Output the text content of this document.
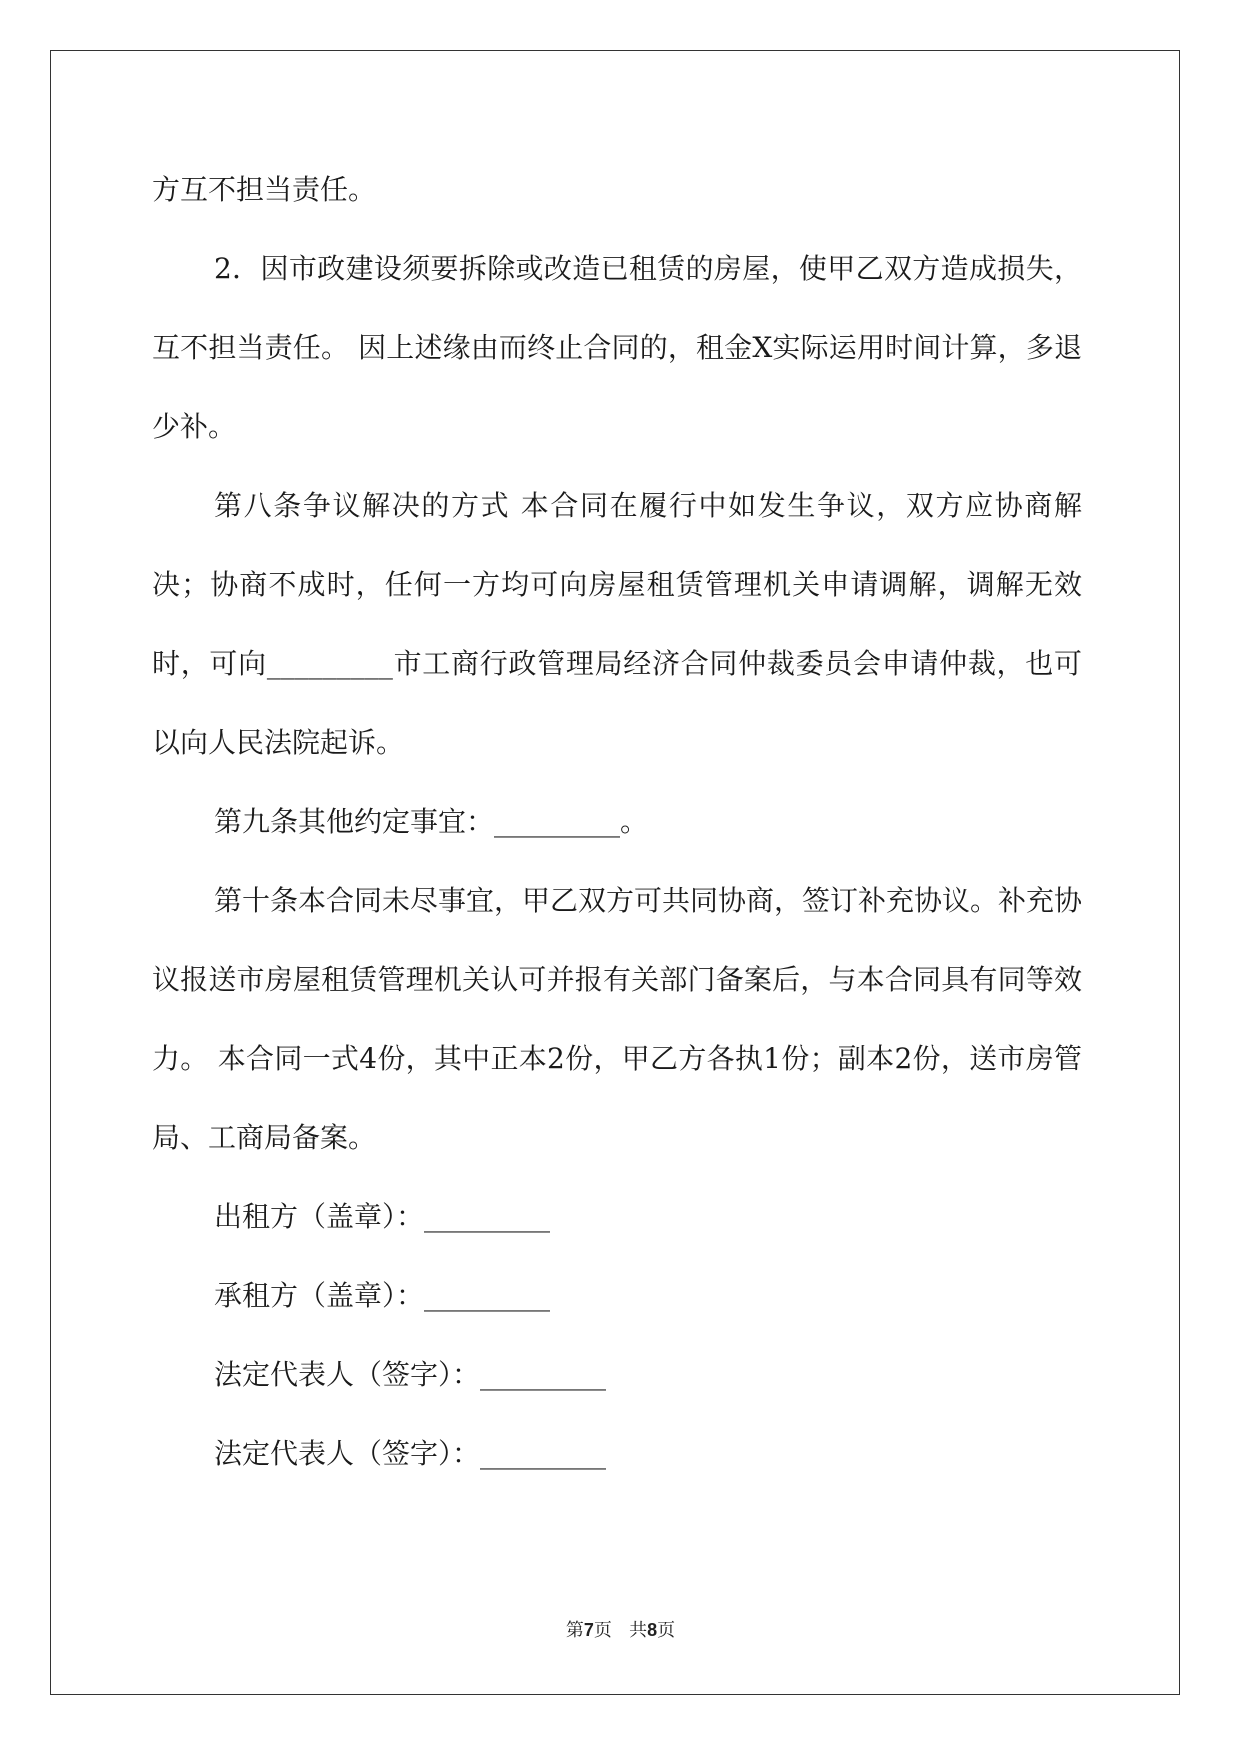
方互不担当责任。

2．因市政建设须要拆除或改造已租赁的房屋，使甲乙双方造成损失，互不担当责任。 因上述缘由而终止合同的，租金X实际运用时间计算，多退少补。

第八条争议解决的方式 本合同在履行中如发生争议，双方应协商解决；协商不成时，任何一方均可向房屋租赁管理机关申请调解，调解无效时，可向_________市工商行政管理局经济合同仲裁委员会申请仲裁，也可以向人民法院起诉。

第九条其他约定事宜：_________。

第十条本合同未尽事宜，甲乙双方可共同协商，签订补充协议。补充协议报送市房屋租赁管理机关认可并报有关部门备案后，与本合同具有同等效力。 本合同一式4份，其中正本2份，甲乙方各执1份；副本2份，送市房管局、工商局备案。

出租方（盖章）：_________

承租方（盖章）：_________

法定代表人（签字）：_________

法定代表人（签字）：_________

第7页 共8页
